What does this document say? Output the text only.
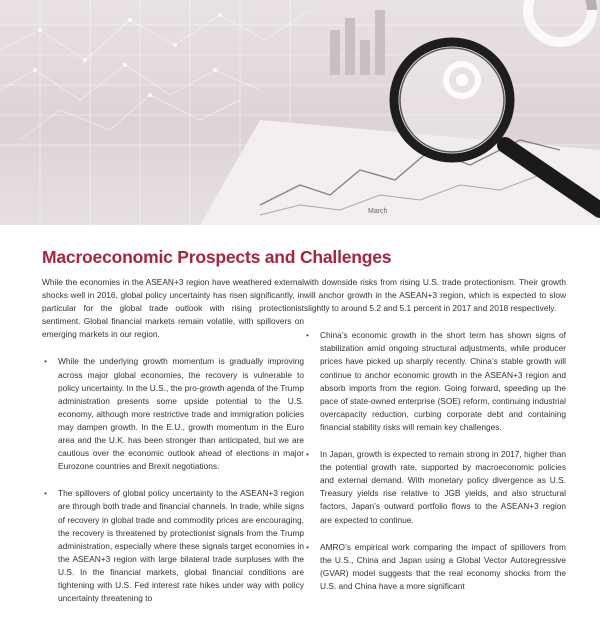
March
Macroeconomic Prospects and Challenges

While the economies in the ASEAN+3 region have weathered external shocks well in 2016, global policy uncertainty has risen significantly, in particular for the global trade outlook with rising protectionist sentiment. Global financial markets remain volatile, with spillovers on emerging markets in our region.

• While the underlying growth momentum is gradually improving across major global economies, the recovery is vulnerable to policy uncertainty. In the U.S., the pro-growth agenda of the Trump administration presents some upside potential to the U.S. economy, although more restrictive trade and immigration policies may dampen growth. In the E.U., growth momentum in the Euro area and the U.K. has been stronger than anticipated, but we are cautious over the economic outlook ahead of elections in major Eurozone countries and Brexit negotiations.
• The spillovers of global policy uncertainty to the ASEAN+3 region are through both trade and financial channels. In trade, while signs of recovery in global trade and commodity prices are encouraging, the recovery is threatened by protectionist signals from the Trump administration, especially where these signals target economies in the ASEAN+3 region with large bilateral trade surpluses with the U.S. In the financial markets, global financial conditions are tightening with U.S. Fed interest rate hikes under way with policy uncertainty threatening to

with downside risks from rising U.S. trade protectionism. Their growth will anchor growth in the ASEAN+3 region, which is expected to slow slightly to around 5.2 and 5.1 percent in 2017 and 2018 respectively.

• China’s economic growth in the short term has shown signs of stabilization amid ongoing structural adjustments, while producer prices have picked up sharply recently. China’s stable growth will continue to anchor economic growth in the ASEAN+3 region and absorb imports from the region. Going forward, speeding up the pace of state-owned enterprise (SOE) reform, continuing industrial overcapacity reduction, curbing corporate debt and containing financial stability risks will remain key challenges.
• In Japan, growth is expected to remain strong in 2017, higher than the potential growth rate, supported by macroeconomic policies and external demand. With monetary policy divergence as U.S. Treasury yields rise relative to JGB yields, and also structural factors, Japan’s outward portfolio flows to the ASEAN+3 region are expected to continue.
• AMRO’s empirical work comparing the impact of spillovers from the U.S., China and Japan using a Global Vector Autoregressive (GVAR) model suggests that the real economy shocks from the U.S. and China have a more significant
